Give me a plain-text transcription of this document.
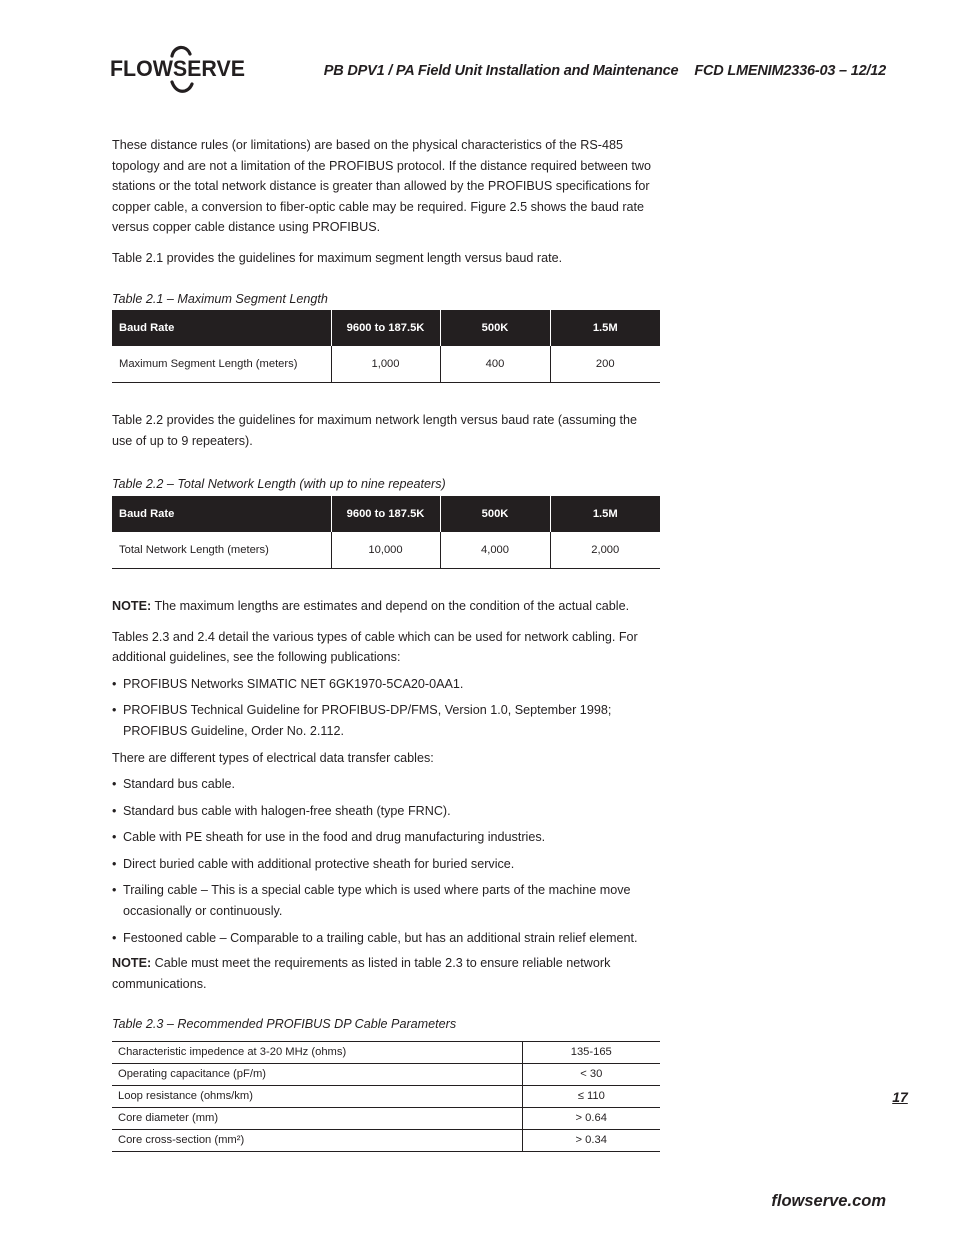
FLOWSERVE	PB DPV1 / PA Field Unit Installation and Maintenance FCD LMENIM2336-03 – 12/12

These distance rules (or limitations) are based on the physical characteristics of the RS-485 topology and are not a limitation of the PROFIBUS protocol. If the distance required between two stations or the total network distance is greater than allowed by the PROFIBUS specifications for copper cable, a conversion to fiber-optic cable may be required. Figure 2.5 shows the baud rate versus copper cable distance using PROFIBUS.

Table 2.1 provides the guidelines for maximum segment length versus baud rate.

Table 2.1 – Maximum Segment Length

Baud Rate	9600 to 187.5K	500K	1.5M
Maximum Segment Length (meters)	1,000	400	200

Table 2.2 provides the guidelines for maximum network length versus baud rate (assuming the use of up to 9 repeaters).

Table 2.2 – Total Network Length (with up to nine repeaters)

Baud Rate	9600 to 187.5K	500K	1.5M
Total Network Length (meters)	10,000	4,000	2,000

NOTE: The maximum lengths are estimates and depend on the condition of the actual cable.

Tables 2.3 and 2.4 detail the various types of cable which can be used for network cabling. For additional guidelines, see the following publications:

• PROFIBUS Networks SIMATIC NET 6GK1970-5CA20-0AA1.
• PROFIBUS Technical Guideline for PROFIBUS-DP/FMS, Version 1.0, September 1998; PROFIBUS Guideline, Order No. 2.112.

There are different types of electrical data transfer cables:

• Standard bus cable.
• Standard bus cable with halogen-free sheath (type FRNC).
• Cable with PE sheath for use in the food and drug manufacturing industries.
• Direct buried cable with additional protective sheath for buried service.
• Trailing cable – This is a special cable type which is used where parts of the machine move occasionally or continuously.
• Festooned cable – Comparable to a trailing cable, but has an additional strain relief element.

NOTE: Cable must meet the requirements as listed in table 2.3 to ensure reliable network communications.

Table 2.3 – Recommended PROFIBUS DP Cable Parameters

Characteristic impedence at 3-20 MHz (ohms)	135-165
Operating capacitance (pF/m)	< 30
Loop resistance (ohms/km)	≤ 110
Core diameter (mm)	> 0.64
Core cross-section (mm²)	> 0.34
17
flowserve.com
